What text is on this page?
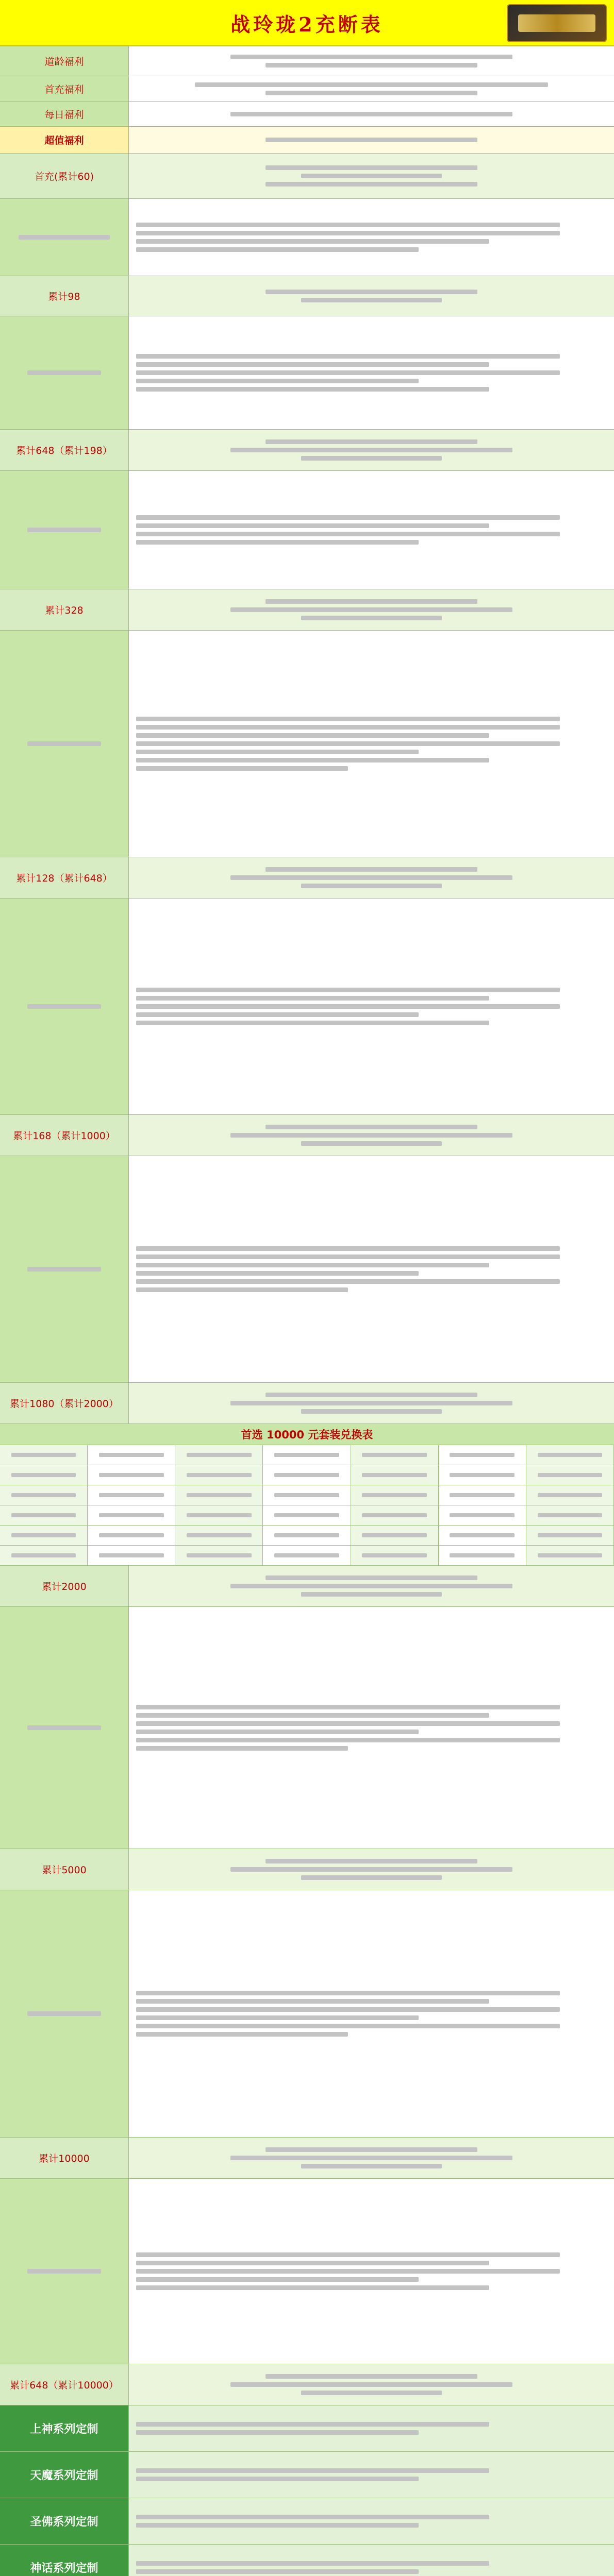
战玲珑2充断表
道龄福利
首充福利
每日福利
超值福利
首充(累计60)
累计98
累计648（累计198）
累计328
累计128（累计648）
累计168（累计1000）
累计1080（累计2000）
首选 10000 元套装兑换表
累计2000
累计5000
累计10000
累计648（累计10000）
上神系列定制
天魔系列定制
圣佛系列定制
神话系列定制
